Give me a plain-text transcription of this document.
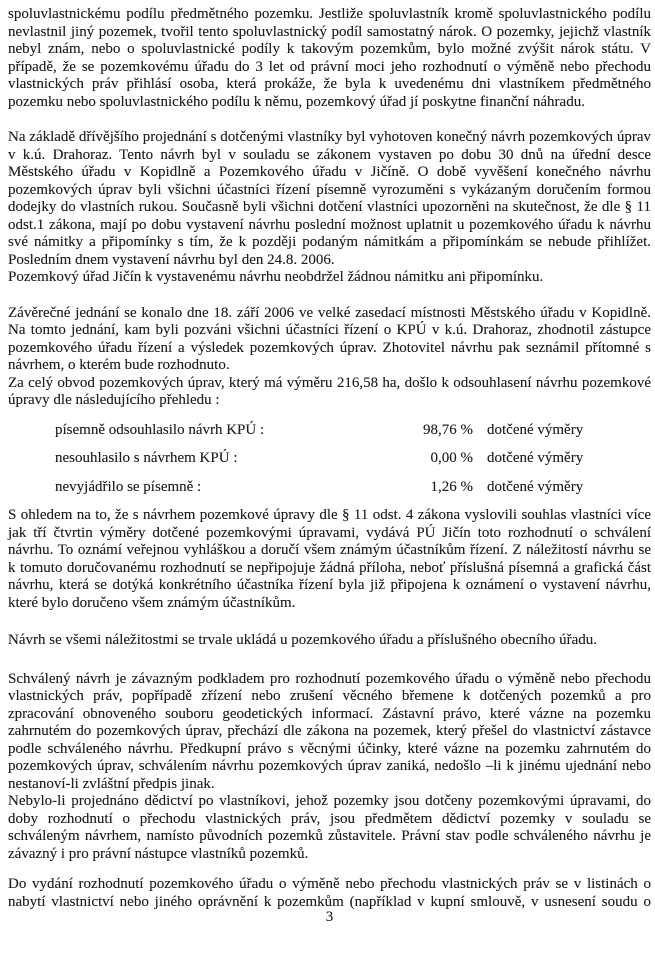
spoluvlastnickému podílu předmětného pozemku. Jestliže spoluvlastník kromě spoluvlastnického podílu nevlastnil jiný pozemek, tvořil tento spoluvlastnický podíl samostatný nárok. O pozemky, jejichž vlastník nebyl znám, nebo o spoluvlastnické podíly k takovým pozemkům, bylo možné zvýšit nárok státu. V případě, že se pozemkovému úřadu do 3 let od právní moci jeho rozhodnutí o výměně nebo přechodu vlastnických práv přihlásí osoba, která prokáže, že byla k uvedenému dni vlastníkem předmětného pozemku nebo spoluvlastnického podílu k němu, pozemkový úřad jí poskytne finanční náhradu.

Na základě dřívějšího projednání s dotčenými vlastníky byl vyhotoven konečný návrh pozemkových úprav v k.ú. Drahoraz. Tento návrh byl v souladu se zákonem vystaven po dobu 30 dnů na úřední desce Městského úřadu v Kopidlně a Pozemkového úřadu v Jičíně. O době vyvěšení konečného návrhu pozemkových úprav byli všichni účastníci řízení písemně vyrozuměni s vykázaným doručením formou dodejky do vlastních rukou. Současně byli všichni dotčení vlastníci upozorněni na skutečnost, že dle § 11 odst.1 zákona, mají po dobu vystavení návrhu poslední možnost uplatnit u pozemkového úřadu k návrhu své námitky a připomínky s tím, že k později podaným námitkám a připomínkám se nebude přihlížet. Posledním dnem vystavení návrhu byl den 24.8. 2006.

Pozemkový úřad Jičín k vystavenému návrhu neobdržel žádnou námitku ani připomínku.

Závěrečné jednání se konalo dne 18. září 2006 ve velké zasedací místnosti Městského úřadu v Kopidlně. Na tomto jednání, kam byli pozváni všichni účastníci řízení o KPÚ v k.ú. Drahoraz, zhodnotil zástupce pozemkového úřadu řízení a výsledek pozemkových úprav. Zhotovitel návrhu pak seznámil přítomné s návrhem, o kterém bude rozhodnuto.

Za celý obvod pozemkových úprav, který má výměru 216,58 ha, došlo k odsouhlasení návrhu pozemkové úpravy dle následujícího přehledu :

písemně odsouhlasilo návrh KPÚ :	98,76 % dotčené výměry
nesouhlasilo s návrhem KPÚ :	0,00 % dotčené výměry
nevyjádřilo se písemně :	1,26 % dotčené výměry

S ohledem na to, že s návrhem pozemkové úpravy dle § 11 odst. 4 zákona vyslovili souhlas vlastníci více jak tří čtvrtin výměry dotčené pozemkovými úpravami, vydává PÚ Jičín toto rozhodnutí o schválení návrhu. To oznámí veřejnou vyhláškou a doručí všem známým účastníkům řízení. Z náležitostí návrhu se k tomuto doručovanému rozhodnutí se nepřipojuje žádná příloha, neboť příslušná písemná a grafická část návrhu, která se dotýká konkrétního účastníka řízení byla již připojena k oznámení o vystavení návrhu, které bylo doručeno všem známým účastníkům.

Návrh se všemi náležitostmi se trvale ukládá u pozemkového úřadu a příslušného obecního úřadu.

Schválený návrh je závazným podkladem pro rozhodnutí pozemkového úřadu o výměně nebo přechodu vlastnických práv, popřípadě zřízení nebo zrušení věcného břemene k dotčených pozemků a pro zpracování obnoveného souboru geodetických informací. Zástavní právo, které vázne na pozemku zahrnutém do pozemkových úprav, přechází dle zákona na pozemek, který přešel do vlastnictví zástavce podle schváleného návrhu. Předkupní právo s věcnými účinky, které vázne na pozemku zahrnutém do pozemkových úprav, schválením návrhu pozemkových úprav zaniká, nedošlo –li k jinému ujednání nebo nestanoví-li zvláštní předpis jinak.

Nebylo-li projednáno dědictví po vlastníkovi, jehož pozemky jsou dotčeny pozemkovými úpravami, do doby rozhodnutí o přechodu vlastnických práv, jsou předmětem dědictví pozemky v souladu se schváleným návrhem, namísto původních pozemků zůstavitele. Právní stav podle schváleného návrhu je závazný i pro právní nástupce vlastníků pozemků.

Do vydání rozhodnutí pozemkového úřadu o výměně nebo přechodu vlastnických práv se v listinách o nabytí vlastnictví nebo jiného oprávnění k pozemkům (například v kupní smlouvě, v usnesení soudu o

3
